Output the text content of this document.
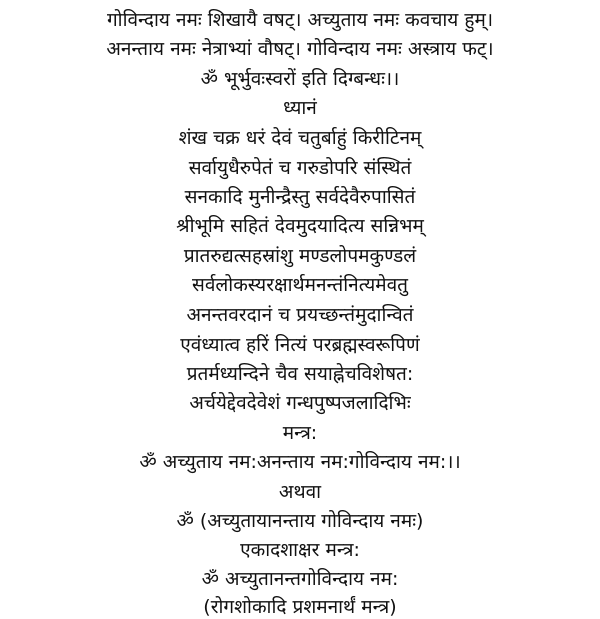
गोविन्दाय नमः शिखायै वषट्। अच्युताय नमः कवचाय हुम्।
अनन्ताय नमः नेत्राभ्यां वौषट्। गोविन्दाय नमः अस्त्राय फट्।
ॐ भूर्भुवःस्वरों इति दिग्बन्धः।।
ध्यानं
शंख चक्र धरं देवं चतुर्बाहुं किरीटिनम्
सर्वायुधैरुपेतं च गरुडोपरि संस्थितं
सनकादि मुनीन्द्रैस्तु सर्वदेवैरुपासितं
श्रीभूमि सहितं देवमुदयादित्य सन्निभम्
प्रातरुद्यत्सहस्रांशु मण्डलोपमकुण्डलं
सर्वलोकस्यरक्षार्थमनन्तंनित्यमेवतु
अनन्तवरदानं च प्रयच्छन्तंमुदान्वितं
एवंध्यात्व हरिं नित्यं परब्रह्मस्वरूपिणं
प्रतर्मध्यन्दिने चैव सयाह्नेचविशेषत:
अर्चयेद्देवदेवेशं गन्धपुष्पजलादिभिः
मन्त्र:
ॐ अच्युताय नम:अनन्ताय नम:गोविन्दाय नम:।।
अथवा
ॐ (अच्युतायानन्ताय गोविन्दाय नमः)
एकादशाक्षर मन्त्र:
ॐ अच्युतानन्तगोविन्दाय नम:
(रोगशोकादि प्रशमनार्थं मन्त्र)
